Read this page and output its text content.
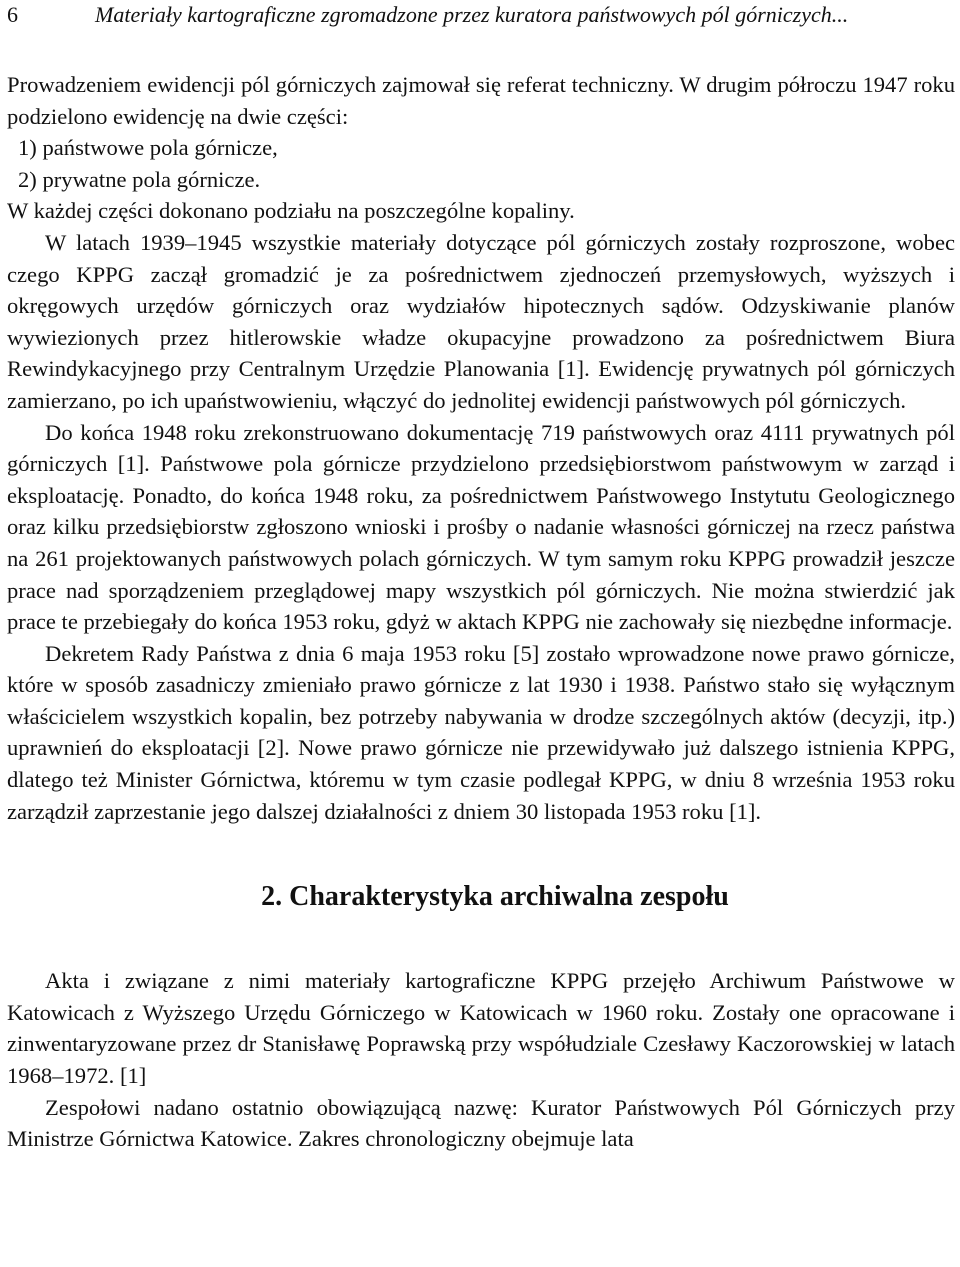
6	Materiały kartograficzne zgromadzone przez kuratora państwowych pól górniczych...

Prowadzeniem ewidencji pól górniczych zajmował się referat techniczny. W drugim półroczu 1947 roku podzielono ewidencję na dwie części:

1) państwowe pola górnicze,

2) prywatne pola górnicze.

W każdej części dokonano podziału na poszczególne kopaliny.

W latach 1939–1945 wszystkie materiały dotyczące pól górniczych zostały rozproszone, wobec czego KPPG zaczął gromadzić je za pośrednictwem zjednoczeń przemysłowych, wyższych i okręgowych urzędów górniczych oraz wydziałów hipotecznych sądów. Odzyskiwanie planów wywiezionych przez hitlerowskie władze okupacyjne prowadzono za pośrednictwem Biura Rewindykacyjnego przy Centralnym Urzędzie Planowania [1]. Ewidencję prywatnych pól górniczych zamierzano, po ich upaństwowieniu, włączyć do jednolitej ewidencji państwowych pól górniczych.

Do końca 1948 roku zrekonstruowano dokumentację 719 państwowych oraz 4111 prywatnych pól górniczych [1]. Państwowe pola górnicze przydzielono przedsiębiorstwom państwowym w zarząd i eksploatację. Ponadto, do końca 1948 roku, za pośrednictwem Państwowego Instytutu Geologicznego oraz kilku przedsiębiorstw zgłoszono wnioski i prośby o nadanie własności górniczej na rzecz państwa na 261 projektowanych państwowych polach górniczych. W tym samym roku KPPG prowadził jeszcze prace nad sporządzeniem przeglądowej mapy wszystkich pól górniczych. Nie można stwierdzić jak prace te przebiegały do końca 1953 roku, gdyż w aktach KPPG nie zachowały się niezbędne informacje.

Dekretem Rady Państwa z dnia 6 maja 1953 roku [5] zostało wprowadzone nowe prawo górnicze, które w sposób zasadniczy zmieniało prawo górnicze z lat 1930 i 1938. Państwo stało się wyłącznym właścicielem wszystkich kopalin, bez potrzeby nabywania w drodze szczególnych aktów (decyzji, itp.) uprawnień do eksploatacji [2]. Nowe prawo górnicze nie przewidywało już dalszego istnienia KPPG, dlatego też Minister Górnictwa, któremu w tym czasie podlegał KPPG, w dniu 8 września 1953 roku zarządził zaprzestanie jego dalszej działalności z dniem 30 listopada 1953 roku [1].

2. Charakterystyka archiwalna zespołu

Akta i związane z nimi materiały kartograficzne KPPG przejęło Archiwum Państwowe w Katowicach z Wyższego Urzędu Górniczego w Katowicach w 1960 roku. Zostały one opracowane i zinwentaryzowane przez dr Stanisławę Poprawską przy współudziale Czesławy Kaczorowskiej w latach 1968–1972. [1]

Zespołowi nadano ostatnio obowiązującą nazwę: Kurator Państwowych Pól Górniczych przy Ministrze Górnictwa Katowice. Zakres chronologiczny obejmuje lata
